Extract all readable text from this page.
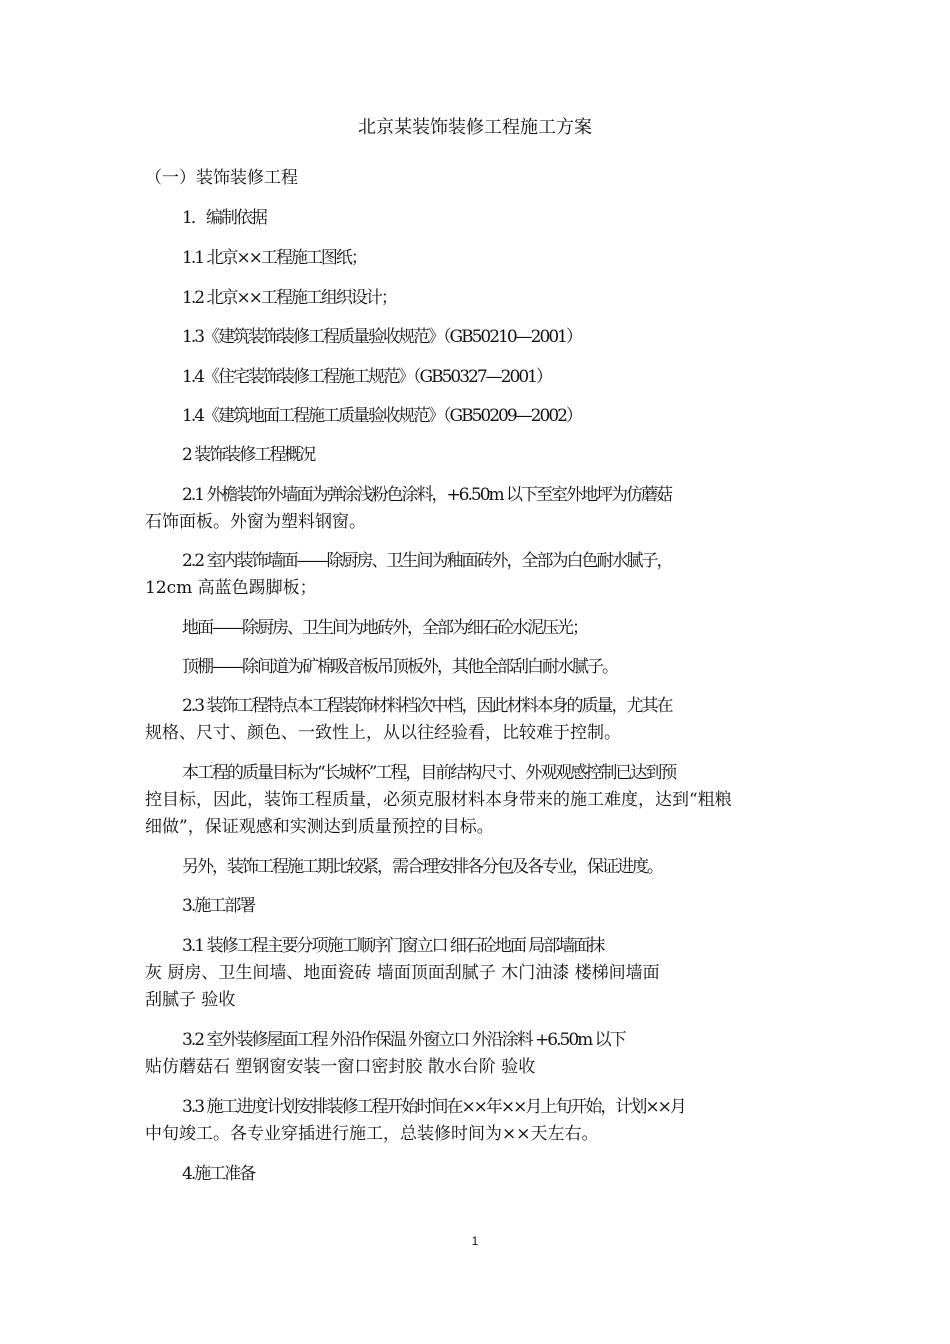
北京某装饰装修工程施工方案
（一）装饰装修工程
1．编制依据
1.1 北京××工程施工图纸；
1.2 北京××工程施工组织设计；
1.3《建筑装饰装修工程质量验收规范》（GB50210—2001）
1.4《住宅装饰装修工程施工规范》（GB50327—2001）
1.4《建筑地面工程施工质量验收规范》（GB50209—2002）
2 装饰装修工程概况
2.1 外檐装饰外墙面为弹涂浅粉色涂料，+6.50m 以下至室外地坪为仿蘑菇
石饰面板。外窗为塑料钢窗。
2.2 室内装饰墙面——除厨房、卫生间为釉面砖外，全部为白色耐水腻子，
12cm 高蓝色踢脚板；
地面——除厨房、卫生间为地砖外，全部为细石砼水泥压光；
顶棚——除间道为矿棉吸音板吊顶板外，其他全部刮白耐水腻子。
2.3 装饰工程特点本工程装饰材料档次中档，因此材料本身的质量，尤其在
规格、尺寸、颜色、一致性上，从以往经验看，比较难于控制。
本工程的质量目标为“长城杯”工程，目前结构尺寸、外观观感控制已达到预
控目标，因此，装饰工程质量，必须克服材料本身带来的施工难度，达到“粗粮
细做”，保证观感和实测达到质量预控的目标。
另外，装饰工程施工期比较紧，需合理安排各分包及各专业，保证进度。
3.施工部署
3.1 装修工程主要分项施工顺序门窗立口 细石砼地面 局部墙面抹
灰 厨房、卫生间墙、地面瓷砖 墙面顶面刮腻子 木门油漆 楼梯间墙面
刮腻子 验收
3.2 室外装修屋面工程 外沿作保温 外窗立口 外沿涂料 +6.50m 以下
贴仿蘑菇石 塑钢窗安装一窗口密封胶 散水台阶 验收
3.3 施工进度计划安排装修工程开始时间在××年××月上旬开始，计划××月
中旬竣工。各专业穿插进行施工，总装修时间为××天左右。
4.施工准备
1
